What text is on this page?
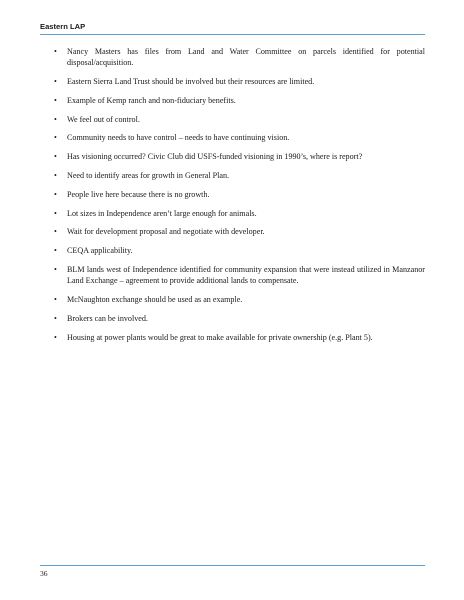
Eastern LAP
• Nancy Masters has files from Land and Water Committee on parcels identified for potential disposal/acquisition.
• Eastern Sierra Land Trust should be involved but their resources are limited.
• Example of Kemp ranch and non-fiduciary benefits.
• We feel out of control.
• Community needs to have control – needs to have continuing vision.
• Has visioning occurred? Civic Club did USFS-funded visioning in 1990’s, where is report?
• Need to identify areas for growth in General Plan.
• People live here because there is no growth.
• Lot sizes in Independence aren’t large enough for animals.
• Wait for development proposal and negotiate with developer.
• CEQA applicability.
• BLM lands west of Independence identified for community expansion that were instead utilized in Manzanor Land Exchange – agreement to provide additional lands to compensate.
• McNaughton exchange should be used as an example.
• Brokers can be involved.
• Housing at power plants would be great to make available for private ownership (e.g. Plant 5).
36
